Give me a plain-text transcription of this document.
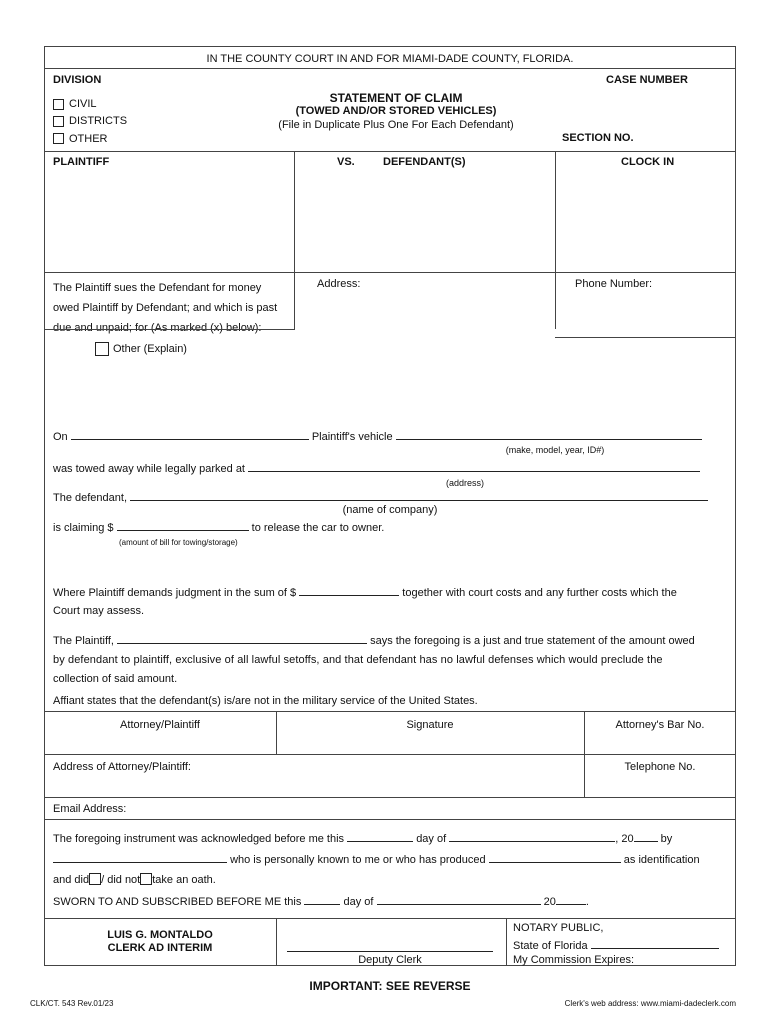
IN THE COUNTY COURT IN AND FOR MIAMI-DADE COUNTY, FLORIDA.
DIVISION
CIVIL
DISTRICTS
OTHER
STATEMENT OF CLAIM
(TOWED AND/OR STORED VEHICLES)
(File in Duplicate Plus One For Each Defendant)
CASE NUMBER
SECTION NO.
PLAINTIFF	VS.	DEFENDANT(S)	CLOCK IN
The Plaintiff sues the Defendant for money
owed Plaintiff by Defendant; and which is past
due and unpaid; for (As marked (x) below):
Address:	Phone Number:
Other (Explain)
On	Plaintiff's vehicle
(make, model, year, ID#)
was towed away while legally parked at
(address)
The defendant,
(name of company)
is claiming $	to release the car to owner.
(amount of bill for towing/storage)
Where Plaintiff demands judgment in the sum of $	together with court costs and any further costs which the
Court may assess.
The Plaintiff,	says the foregoing is a just and true statement of the amount owed
by defendant to plaintiff, exclusive of all lawful setoffs, and that defendant has no lawful defenses which would preclude the
collection of said amount.
Affiant states that the defendant(s) is/are not in the military service of the United States.
Attorney/Plaintiff	Signature	Attorney's Bar No.
Address of Attorney/Plaintiff:	Telephone No.
Email Address:
The foregoing instrument was acknowledged before me this	day of	, 20 by
who is personally known to me or who has produced	as identification
and did / did not take an oath.
SWORN TO AND SUBSCRIBED BEFORE ME this	day of	20	.
LUIS G. MONTALDO
CLERK AD INTERIM
Deputy Clerk
NOTARY PUBLIC,
State of Florida
My Commission Expires:
IMPORTANT: SEE REVERSE
CLK/CT. 543 Rev.01/23	Clerk's web address: www.miami-dadeclerk.com
